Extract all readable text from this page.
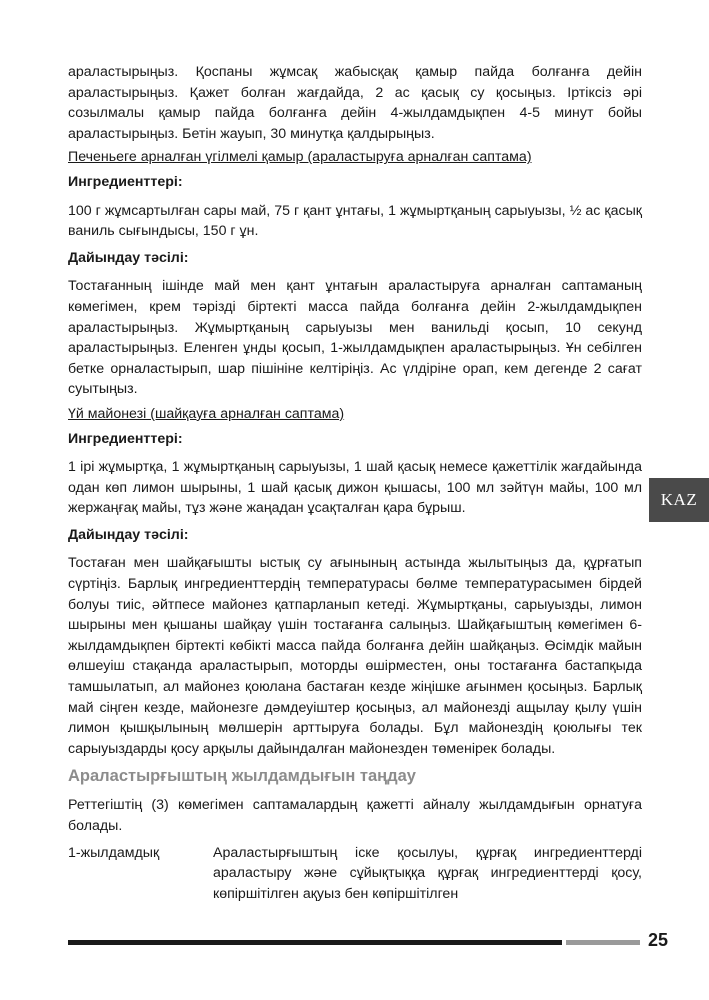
араластырыңыз. Қоспаны жұмсақ жабысқақ қамыр пайда болғанға дейін араластырыңыз. Қажет болған жағдайда, 2 ас қасық су қосыңыз. Іртіксіз әрі созылмалы қамыр пайда болғанға дейін 4-жылдамдықпен 4-5 минут бойы араластырыңыз. Бетін жауып, 30 минутқа қалдырыңыз.

Печеньеге арналған үгілмелі қамыр (араластыруға арналған саптама)

Ингредиенттері:

100 г жұмсартылған сары май, 75 г қант ұнтағы, 1 жұмыртқаның сарыуызы, ½ ас қасық ваниль сығындысы, 150 г ұн.

Дайындау тәсілі:

Тостағанның ішінде май мен қант ұнтағын араластыруға арналған саптаманың көмегімен, крем тәрізді біртекті масса пайда болғанға дейін 2-жылдамдықпен араластырыңыз. Жұмыртқаның сарыуызы мен ванильді қосып, 10 секунд араластырыңыз. Еленген ұнды қосып, 1-жылдамдықпен араластырыңыз. Ұн себілген бетке орналастырып, шар пішініне келтіріңіз. Ас үлдіріне орап, кем дегенде 2 сағат суытыңыз.

Үй майонезі (шайқауға арналған саптама)

Ингредиенттері:

1 ірі жұмыртқа, 1 жұмыртқаның сарыуызы, 1 шай қасық немесе қажеттілік жағдайында одан көп лимон шырыны, 1 шай қасық дижон қышасы, 100 мл зәйтүн майы, 100 мл жержаңғақ майы, тұз және жаңадан ұсақталған қара бұрыш.

Дайындау тәсілі:

Тостаған мен шайқағышты ыстық су ағынының астында жылытыңыз да, құрғатып сүртіңіз. Барлық ингредиенттердің температурасы бөлме температурасымен бірдей болуы тиіс, әйтпесе майонез қатпарланып кетеді. Жұмыртқаны, сарыуызды, лимон шырыны мен қышаны шайқау үшін тостағанға салыңыз. Шайқағыштың көмегімен 6-жылдамдықпен біртекті көбікті масса пайда болғанға дейін шайқаңыз. Өсімдік майын өлшеуіш стақанда араластырып, моторды өшірместен, оны тостағанға бастапқыда тамшылатып, ал майонез қоюлана бастаған кезде жіңішке ағынмен қосыңыз. Барлық май сіңген кезде, майонезге дәмдеуіштер қосыңыз, ал майонезді ащылау қылу үшін лимон қышқылының мөлшерін арттыруға болады. Бұл майонездің қоюлығы тек сарыуыздарды қосу арқылы дайындалған майонезден төменірек болады.

Араластырғыштың жылдамдығын таңдау

Реттегіштің (3) көмегімен саптамалардың қажетті айналу жылдамдығын орнатуға болады.

1-жылдамдық	Араластырғыштың іске қосылуы, құрғақ ингредиенттерді араластыру және сұйықтыққа құрғақ ингредиенттерді қосу, көпіршітілген ақуыз бен көпіршітілген
KAZ
25
